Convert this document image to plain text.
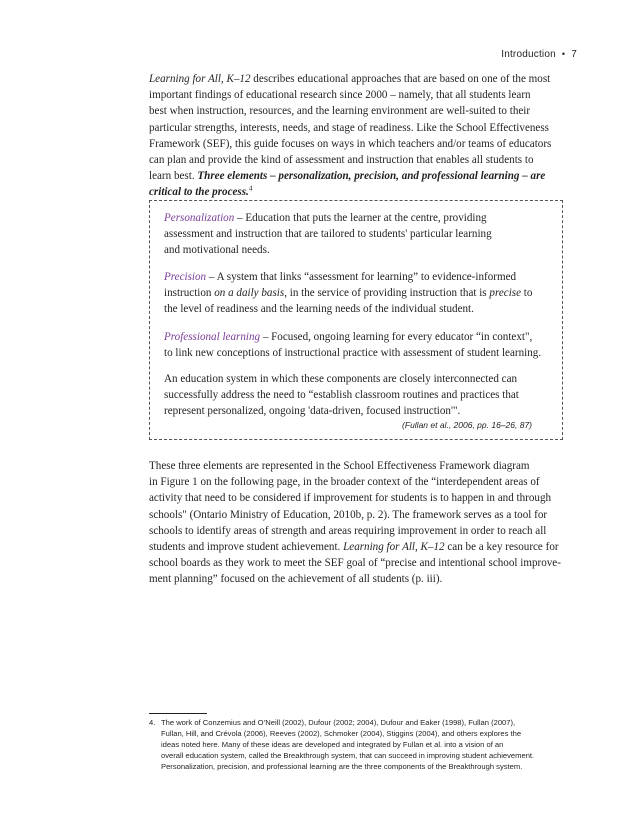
Introduction • 7

Learning for All, K–12 describes educational approaches that are based on one of the most
important findings of educational research since 2000 – namely, that all students learn
best when instruction, resources, and the learning environment are well-suited to their
particular strengths, interests, needs, and stage of readiness. Like the School Effectiveness
Framework (SEF), this guide focuses on ways in which teachers and/or teams of educators
can plan and provide the kind of assessment and instruction that enables all students to
learn best. Three elements – personalization, precision, and professional learning – are
critical to the process.$^4$

Personalization – Education that puts the learner at the centre, providing
assessment and instruction that are tailored to students' particular learning
and motivational needs.

Precision – A system that links “assessment for learning” to evidence-informed
instruction on a daily basis, in the service of providing instruction that is precise to
the level of readiness and the learning needs of the individual student.

Professional learning – Focused, ongoing learning for every educator “in context",
to link new conceptions of instructional practice with assessment of student learning.

An education system in which these components are closely interconnected can
successfully address the need to “establish classroom routines and practices that
represent personalized, ongoing 'data-driven, focused instruction'".

(Fullan et al., 2006, pp. 16–26, 87)

These three elements are represented in the School Effectiveness Framework diagram
in Figure 1 on the following page, in the broader context of the “interdependent areas of
activity that need to be considered if improvement for students is to happen in and through
schools" (Ontario Ministry of Education, 2010b, p. 2). The framework serves as a tool for
schools to identify areas of strength and areas requiring improvement in order to reach all
students and improve student achievement. Learning for All, K–12 can be a key resource for
school boards as they work to meet the SEF goal of “precise and intentional school improve-
ment planning” focused on the achievement of all students (p. iii).

4. The work of Conzemius and O’Neill (2002), Dufour (2002; 2004), Dufour and Eaker (1998), Fullan (2007),
Fullan, Hill, and Crévola (2006), Reeves (2002), Schmoker (2004), Stiggins (2004), and others explores the
ideas noted here. Many of these ideas are developed and integrated by Fullan et al. into a vision of an
overall education system, called the Breakthrough system, that can succeed in improving student achievement.
Personalization, precision, and professional learning are the three components of the Breakthrough system.
